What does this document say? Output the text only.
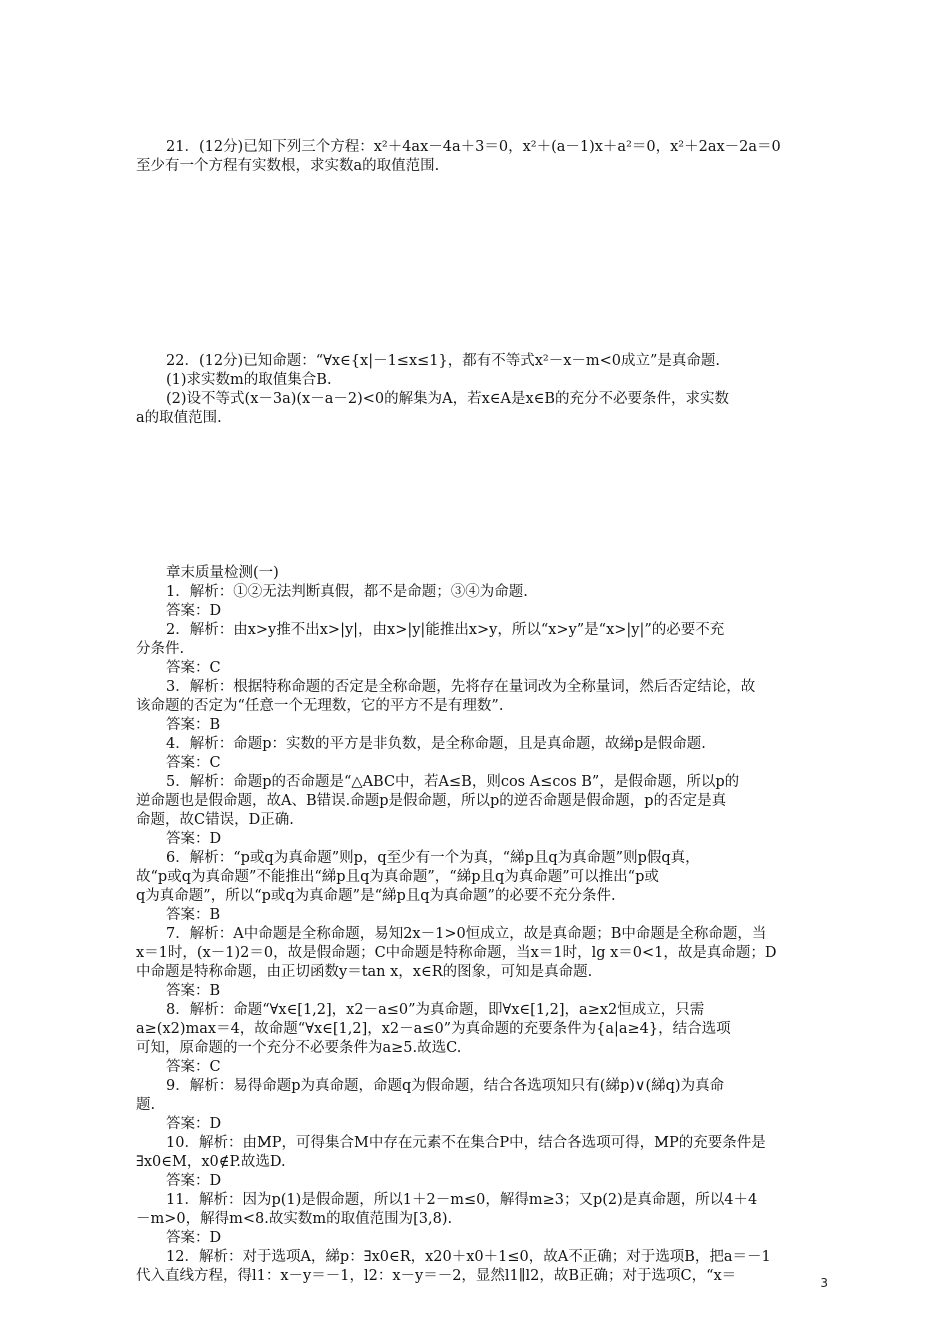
21．(12分)已知下列三个方程：x²＋4ax－4a＋3＝0，x²＋(a－1)x＋a²＝0，x²＋2ax－2a＝0

至少有一个方程有实数根，求实数a的取值范围.

22．(12分)已知命题：“∀x∈{x|－1≤x≤1}，都有不等式x²－x－m<0成立”是真命题.

(1)求实数m的取值集合B.

(2)设不等式(x－3a)(x－a－2)<0的解集为A，若x∈A是x∈B的充分不必要条件，求实数

a的取值范围.

章末质量检测(一)

1．解析：①②无法判断真假，都不是命题；③④为命题.

答案：D

2．解析：由x>y推不出x>|y|，由x>|y|能推出x>y，所以“x>y”是“x>|y|”的必要不充

分条件.

答案：C

3．解析：根据特称命题的否定是全称命题，先将存在量词改为全称量词，然后否定结论，故

该命题的否定为“任意一个无理数，它的平方不是有理数”.

答案：B

4．解析：命题p：实数的平方是非负数，是全称命题，且是真命题，故綈p是假命题.

答案：C

5．解析：命题p的否命题是“△ABC中，若A≤B，则cos A≤cos B”，是假命题，所以p的

逆命题也是假命题，故A、B错误.命题p是假命题，所以p的逆否命题是假命题，p的否定是真

命题，故C错误，D正确.

答案：D

6．解析：“p或q为真命题”则p，q至少有一个为真，“綈p且q为真命题”则p假q真，

故“p或q为真命题”不能推出“綈p且q为真命题”，“綈p且q为真命题”可以推出“p或

q为真命题”，所以“p或q为真命题”是“綈p且q为真命题”的必要不充分条件.

答案：B

7．解析：A中命题是全称命题，易知2x－1>0恒成立，故是真命题；B中命题是全称命题，当

x＝1时，(x－1)2＝0，故是假命题；C中命题是特称命题，当x＝1时，lg x＝0<1，故是真命题；D

中命题是特称命题，由正切函数y＝tan x，x∈R的图象，可知是真命题.

答案：B

8．解析：命题“∀x∈[1,2]，x2－a≤0”为真命题，即∀x∈[1,2]，a≥x2恒成立，只需

a≥(x2)max＝4，故命题“∀x∈[1,2]，x2－a≤0”为真命题的充要条件为{a|a≥4}，结合选项

可知，原命题的一个充分不必要条件为a≥5.故选C.

答案：C

9．解析：易得命题p为真命题，命题q为假命题，结合各选项知只有(綈p)∨(綈q)为真命

题.

答案：D

10．解析：由M̸P，可得集合M中存在元素不在集合P中，结合各选项可得，M̸P的充要条件是

∃x0∈M，x0∉P.故选D.

答案：D

11．解析：因为p(1)是假命题，所以1＋2－m≤0，解得m≥3；又p(2)是真命题，所以4＋4

－m>0，解得m<8.故实数m的取值范围为[3,8).

答案：D

12．解析：对于选项A，綈p：∃x0∈R，x20＋x0＋1≤0，故A不正确；对于选项B，把a＝－1

代入直线方程，得l1：x－y＝－1，l2：x－y＝－2，显然l1∥l2，故B正确；对于选项C，“x＝	3
